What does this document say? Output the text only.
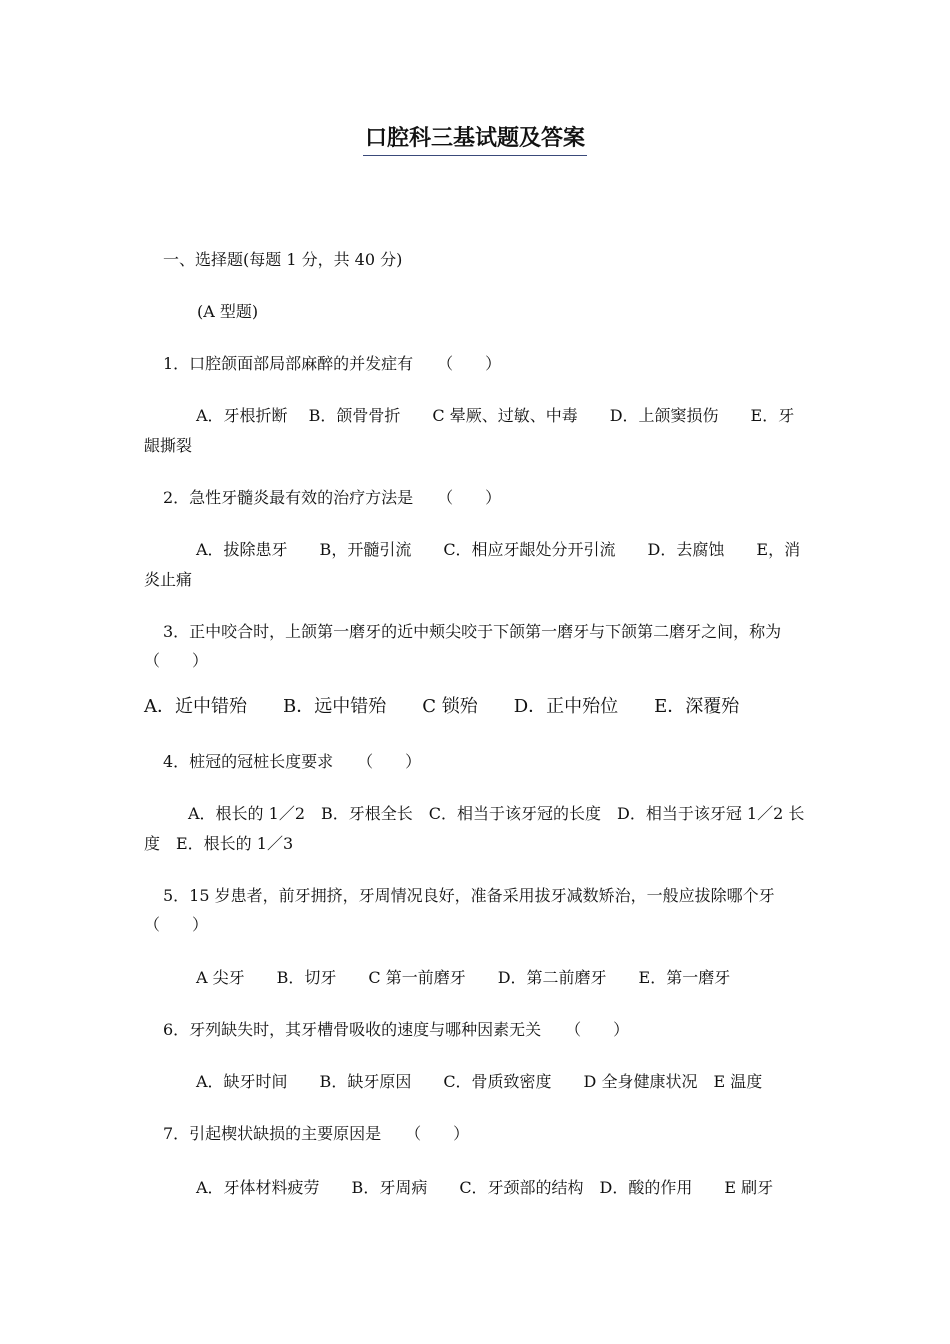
口腔科三基试题及答案

一、选择题(每题 1 分，共 40 分)

(A 型题)

1．口腔颌面部局部麻醉的并发症有　　（　　）

A．牙根折断　 B．颌骨骨折　　C 晕厥、过敏、中毒　　D．上颌窦损伤　　E．牙

龈撕裂

2．急性牙髓炎最有效的治疗方法是　　（　　）

A．拔除患牙　　B，开髓引流　　C．相应牙龈处分开引流　　D．去腐蚀　　E，消

炎止痛

3．正中咬合时，上颌第一磨牙的近中颊尖咬于下颌第一磨牙与下颌第二磨牙之间，称为

（　　）

A．近中错殆　　B．远中错殆　　C 锁殆　　D．正中殆位　　E．深覆殆

4．桩冠的冠桩长度要求　　（　　）

A．根长的 1／2　B．牙根全长　C．相当于该牙冠的长度　D．相当于该牙冠 1／2 长

度　E．根长的 1／3

5．15 岁患者，前牙拥挤，牙周情况良好，准备采用拔牙减数矫治，一般应拔除哪个牙

（　　）

A 尖牙　　B．切牙　　C 第一前磨牙　　D．第二前磨牙　　E．第一磨牙

6．牙列缺失时，其牙槽骨吸收的速度与哪种因素无关　　（　　）

A．缺牙时间　　B．缺牙原因　　C．骨质致密度　　D 全身健康状况　E 温度

7．引起楔状缺损的主要原因是　　（　　）

A．牙体材料疲劳　　B．牙周病　　C．牙颈部的结构　D．酸的作用　　E 刷牙
